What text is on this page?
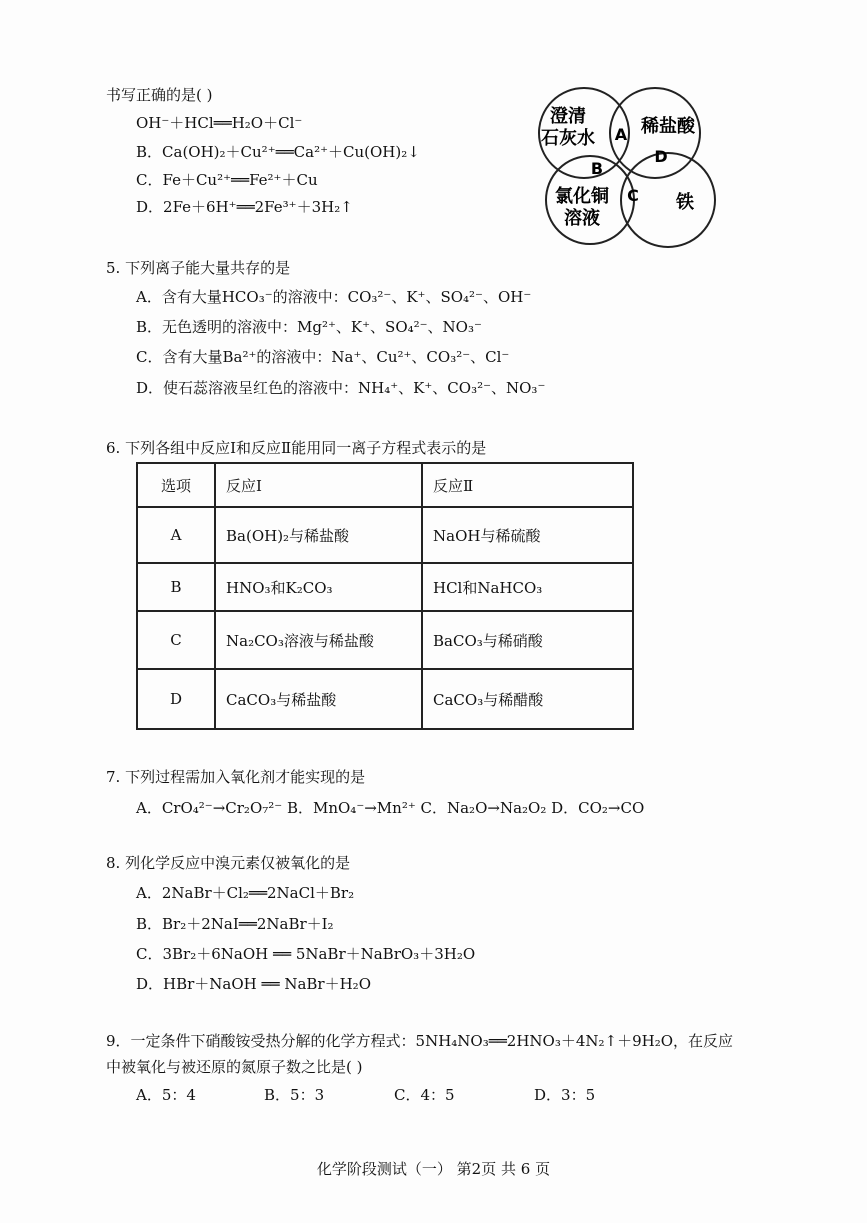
书写正确的是( )
OH⁻＋HCl══H₂O＋Cl⁻
B．Ca(OH)₂＋Cu²⁺══Ca²⁺＋Cu(OH)₂↓
C．Fe＋Cu²⁺══Fe²⁺＋Cu
D．2Fe＋6H⁺══2Fe³⁺＋3H₂↑
澄清
石灰水
稀盐酸
氯化铜
溶液
铁
A
B
C
D
5. 下列离子能大量共存的是
A．含有大量HCO₃⁻的溶液中：CO₃²⁻、K⁺、SO₄²⁻、OH⁻
B．无色透明的溶液中：Mg²⁺、K⁺、SO₄²⁻、NO₃⁻
C．含有大量Ba²⁺的溶液中：Na⁺、Cu²⁺、CO₃²⁻、Cl⁻
D．使石蕊溶液呈红色的溶液中：NH₄⁺、K⁺、CO₃²⁻、NO₃⁻
6. 下列各组中反应Ⅰ和反应Ⅱ能用同一离子方程式表示的是
选项	反应Ⅰ	反应Ⅱ
A	Ba(OH)₂与稀盐酸	NaOH与稀硫酸
B	HNO₃和K₂CO₃	HCl和NaHCO₃
C	Na₂CO₃溶液与稀盐酸	BaCO₃与稀硝酸
D	CaCO₃与稀盐酸	CaCO₃与稀醋酸
7. 下列过程需加入氧化剂才能实现的是
A．CrO₄²⁻→Cr₂O₇²⁻ B．MnO₄⁻→Mn²⁺ C．Na₂O→Na₂O₂ D．CO₂→CO
8. 列化学反应中溴元素仅被氧化的是
A．2NaBr＋Cl₂══2NaCl＋Br₂
B．Br₂＋2NaI══2NaBr＋I₂
C．3Br₂＋6NaOH ══ 5NaBr＋NaBrO₃＋3H₂O
D．HBr＋NaOH ══ NaBr＋H₂O
9．一定条件下硝酸铵受热分解的化学方程式：5NH₄NO₃══2HNO₃＋4N₂↑＋9H₂O，在反应
中被氧化与被还原的氮原子数之比是( )
A．5：4	B．5：3	C．4：5	D．3：5
化学阶段测试（一） 第2页 共 6 页
